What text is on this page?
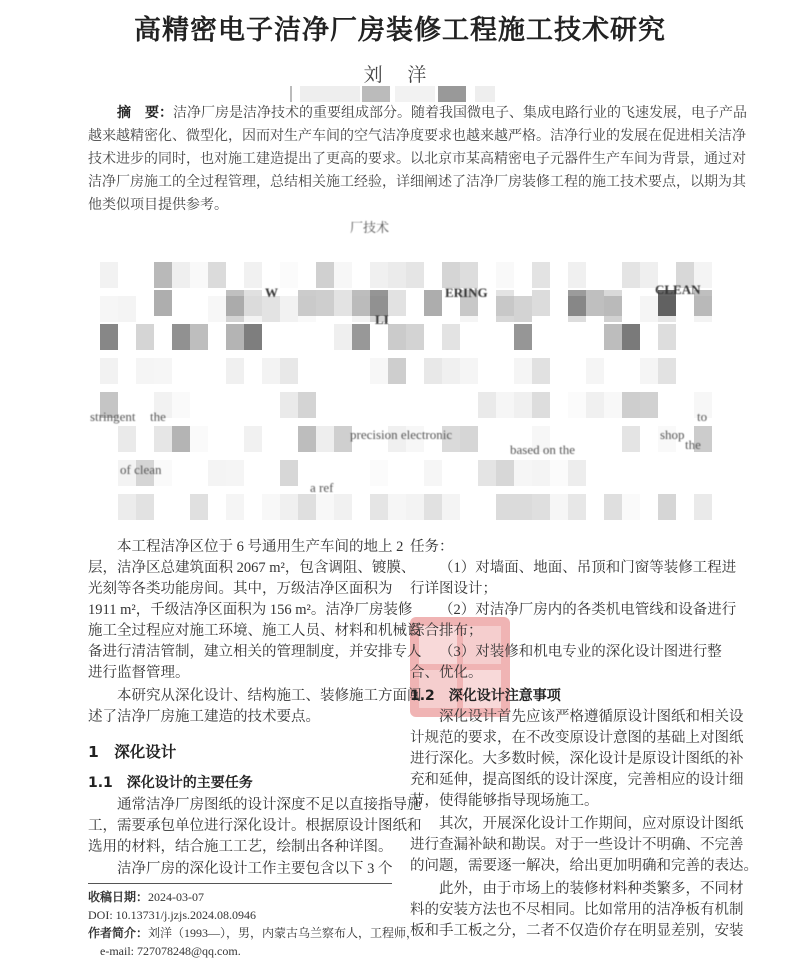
高精密电子洁净厂房装修工程施工技术研究
刘 洋
洁净厂房是洁净技术的重要组成部分。随着我国微电子、集成电路行业的飞速发展，电子产品
越来越精密化、微型化，因而对生产车间的空气洁净度要求也越来越严格。洁净行业的发展在促进相关洁净
技术进步的同时，也对施工建造提出了更高的要求。以北京市某高精密电子元器件生产车间为背景，通过对
洁净厂房施工的全过程管理，总结相关施工经验，详细阐述了洁净厂房装修工程的施工技术要点，以期为其
他类似项目提供参考。
摘　要：
厂技术
W	ERING	CLEAN
LI
the
stringent the	to
precision electronic	shop
based on the
of clean
a ref
本工程洁净区位于 6 号通用生产车间的地上 2
层，洁净区总建筑面积 2067 m²，包含调阻、镀膜、
光刻等各类功能房间。其中，万级洁净区面积为
1911 m²，千级洁净区面积为 156 m²。洁净厂房装修
施工全过程应对施工环境、施工人员、材料和机械设
备进行清洁管制，建立相关的管理制度，并安排专人
进行监督管理。
本研究从深化设计、结构施工、装修施工方面阐
述了洁净厂房施工建造的技术要点。
1　深化设计
1.1　深化设计的主要任务
通常洁净厂房图纸的设计深度不足以直接指导施
工，需要承包单位进行深化设计。根据原设计图纸和
选用的材料，结合施工工艺，绘制出各种详图。
洁净厂房的深化设计工作主要包含以下 3 个
任务：
（1）对墙面、地面、吊顶和门窗等装修工程进
行详图设计；
（2）对洁净厂房内的各类机电管线和设备进行
综合排布；
（3）对装修和机电专业的深化设计图进行整
合、优化。
1.2　深化设计注意事项
深化设计首先应该严格遵循原设计图纸和相关设
计规范的要求，在不改变原设计意图的基础上对图纸
进行深化。大多数时候，深化设计是原设计图纸的补
充和延伸，提高图纸的设计深度，完善相应的设计细
节，使得能够指导现场施工。
其次，开展深化设计工作期间，应对原设计图纸
进行查漏补缺和勘误。对于一些设计不明确、不完善
的问题，需要逐一解决，给出更加明确和完善的表达。
此外，由于市场上的装修材料种类繁多，不同材
料的安装方法也不尽相同。比如常用的洁净板有机制
板和手工板之分，二者不仅造价存在明显差别，安装
收稿日期：2024-03-07
DOI: 10.13731/j.jzjs.2024.08.0946
作者简介：刘洋（1993—），男，内蒙古乌兰察布人，工程师，
e-mail: 727078248@qq.com.
